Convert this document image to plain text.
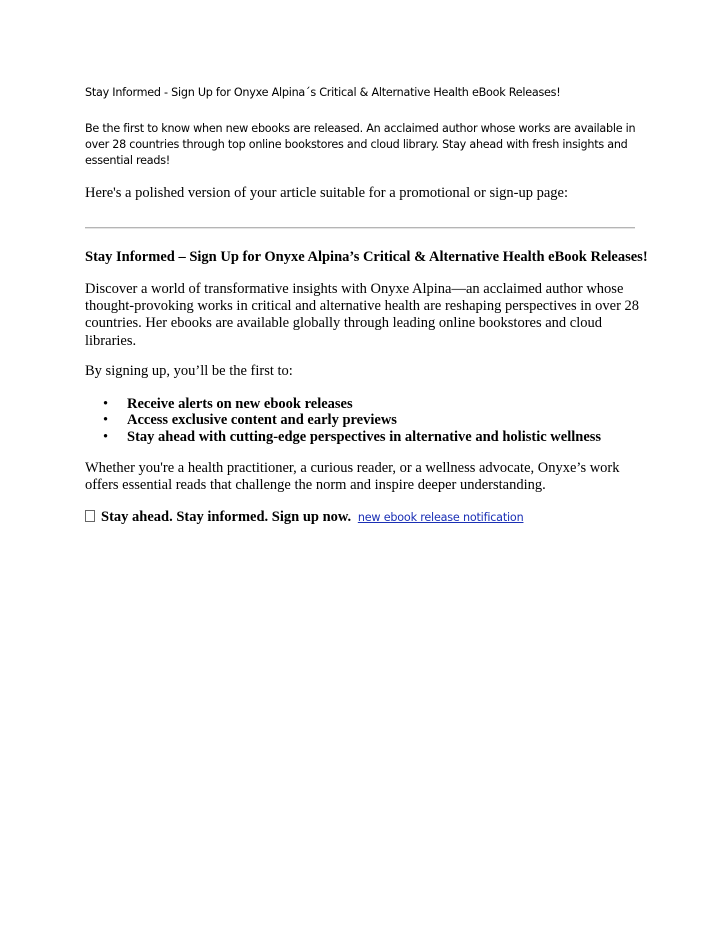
Stay Informed - Sign Up for Onyxe Alpina´s Critical & Alternative Health eBook Releases!
Be the first to know when new ebooks are released. An acclaimed author whose works are available in over 28 countries through top online bookstores and cloud library. Stay ahead with fresh insights and essential reads!
Here's a polished version of your article suitable for a promotional or sign-up page:
Stay Informed – Sign Up for Onyxe Alpina’s Critical & Alternative Health eBook Releases!
Discover a world of transformative insights with Onyxe Alpina—an acclaimed author whose thought-provoking works in critical and alternative health are reshaping perspectives in over 28 countries. Her ebooks are available globally through leading online bookstores and cloud libraries.
By signing up, you’ll be the first to:
• Receive alerts on new ebook releases
• Access exclusive content and early previews
• Stay ahead with cutting-edge perspectives in alternative and holistic wellness
Whether you're a health practitioner, a curious reader, or a wellness advocate, Onyxe’s work offers essential reads that challenge the norm and inspire deeper understanding.
Stay ahead. Stay informed. Sign up now. new ebook release notification
